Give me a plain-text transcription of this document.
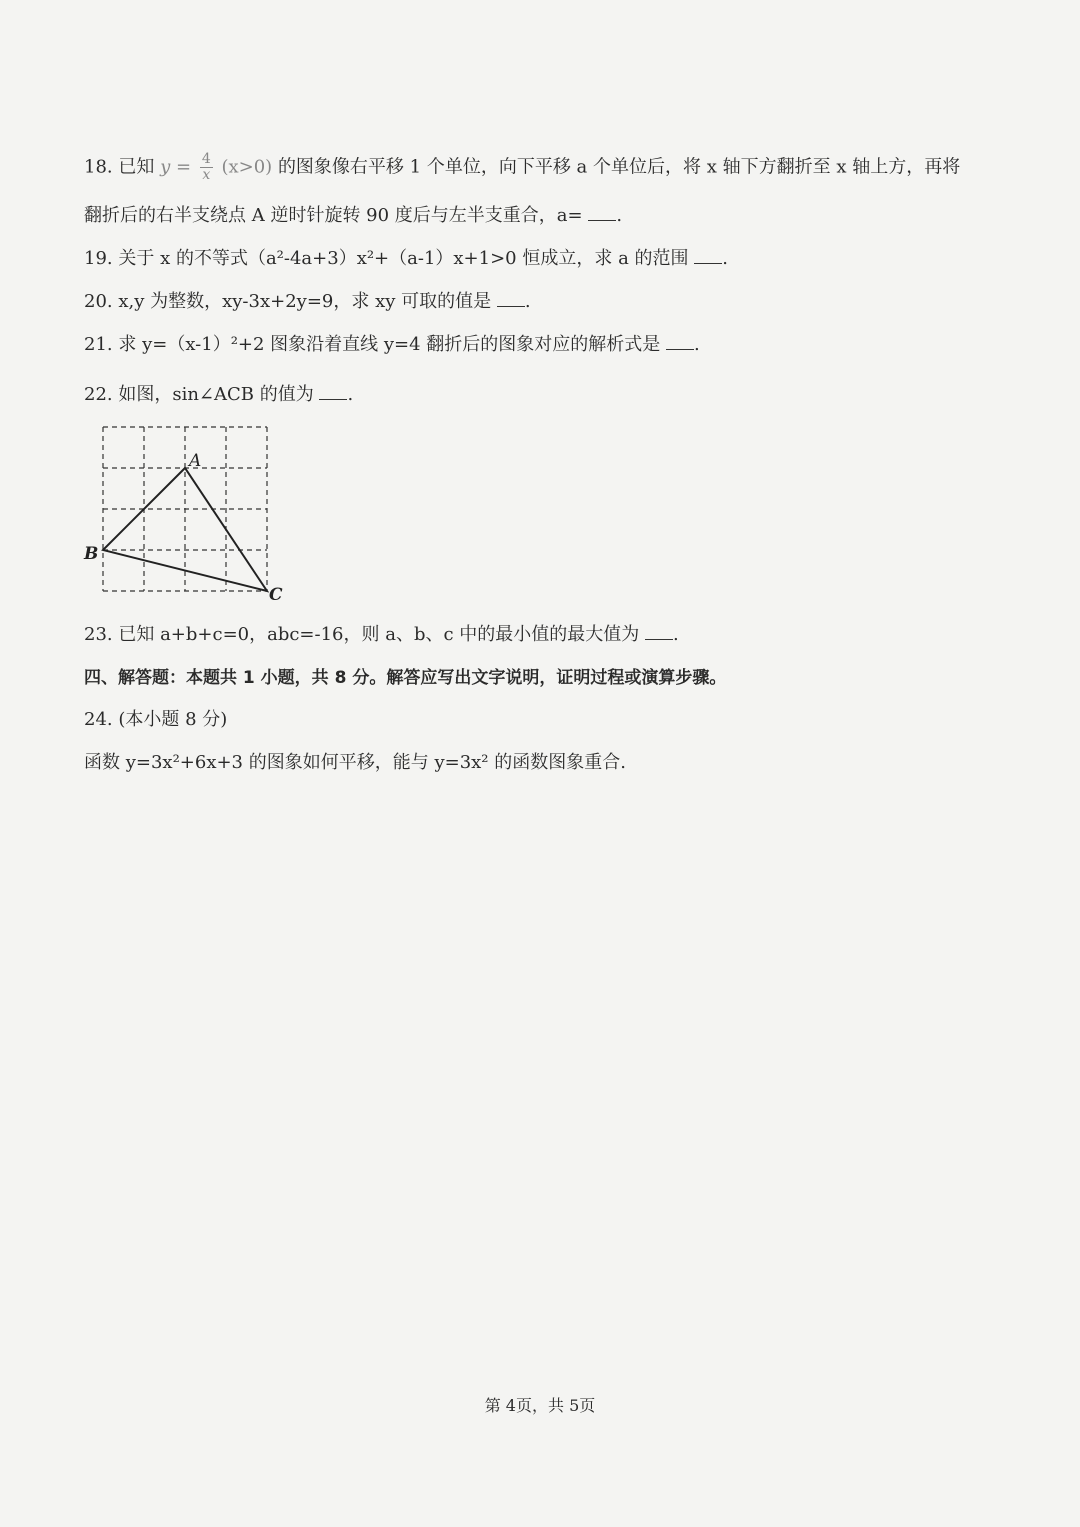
18. 已知 $y = \frac{4}{x} (x>0)$ 的图象像右平移 1 个单位，向下平移 a 个单位后，将 x 轴下方翻折至 x 轴上方，再将
翻折后的右半支绕点 A 逆时针旋转 90 度后与左半支重合，a= .
19. 关于 x 的不等式（a²-4a+3）x²+（a-1）x+1>0 恒成立，求 a 的范围 .
20. x,y 为整数，xy-3x+2y=9，求 xy 可取的值是 .
21. 求 y=（x-1）²+2 图象沿着直线 y=4 翻折后的图象对应的解析式是 .
22. 如图，sin∠ACB 的值为 .
A
B
C
23. 已知 a+b+c=0，abc=-16，则 a、b、c 中的最小值的最大值为 .
四、解答题：本题共 1 小题，共 8 分。解答应写出文字说明，证明过程或演算步骤。
24. (本小题 8 分)
函数 y=3x²+6x+3 的图象如何平移，能与 y=3x² 的函数图象重合.
第 4页，共 5页
